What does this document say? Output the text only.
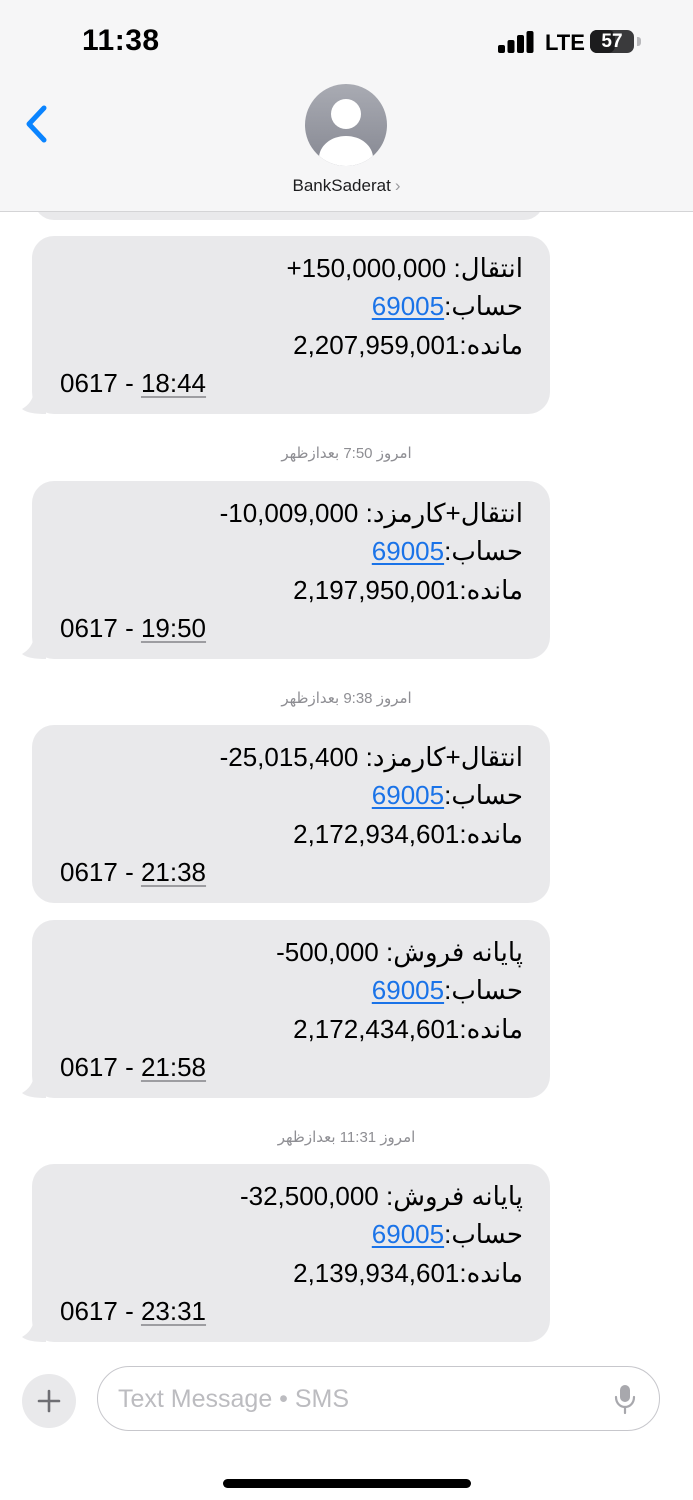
11:38	LTE 57
BankSaderat ›
انتقال: +150,000,000
حساب:69005
مانده:2,207,959,001
0617 - 18:44
امروز 7:50 بعدازظهر
انتقال+کارمزد: -10,009,000
حساب:69005
مانده:2,197,950,001
0617 - 19:50
امروز 9:38 بعدازظهر
انتقال+کارمزد: -25,015,400
حساب:69005
مانده:2,172,934,601
0617 - 21:38
پایانه فروش: -500,000
حساب:69005
مانده:2,172,434,601
0617 - 21:58
امروز 11:31 بعدازظهر
پایانه فروش: -32,500,000
حساب:69005
مانده:2,139,934,601
0617 - 23:31
Text Message • SMS
